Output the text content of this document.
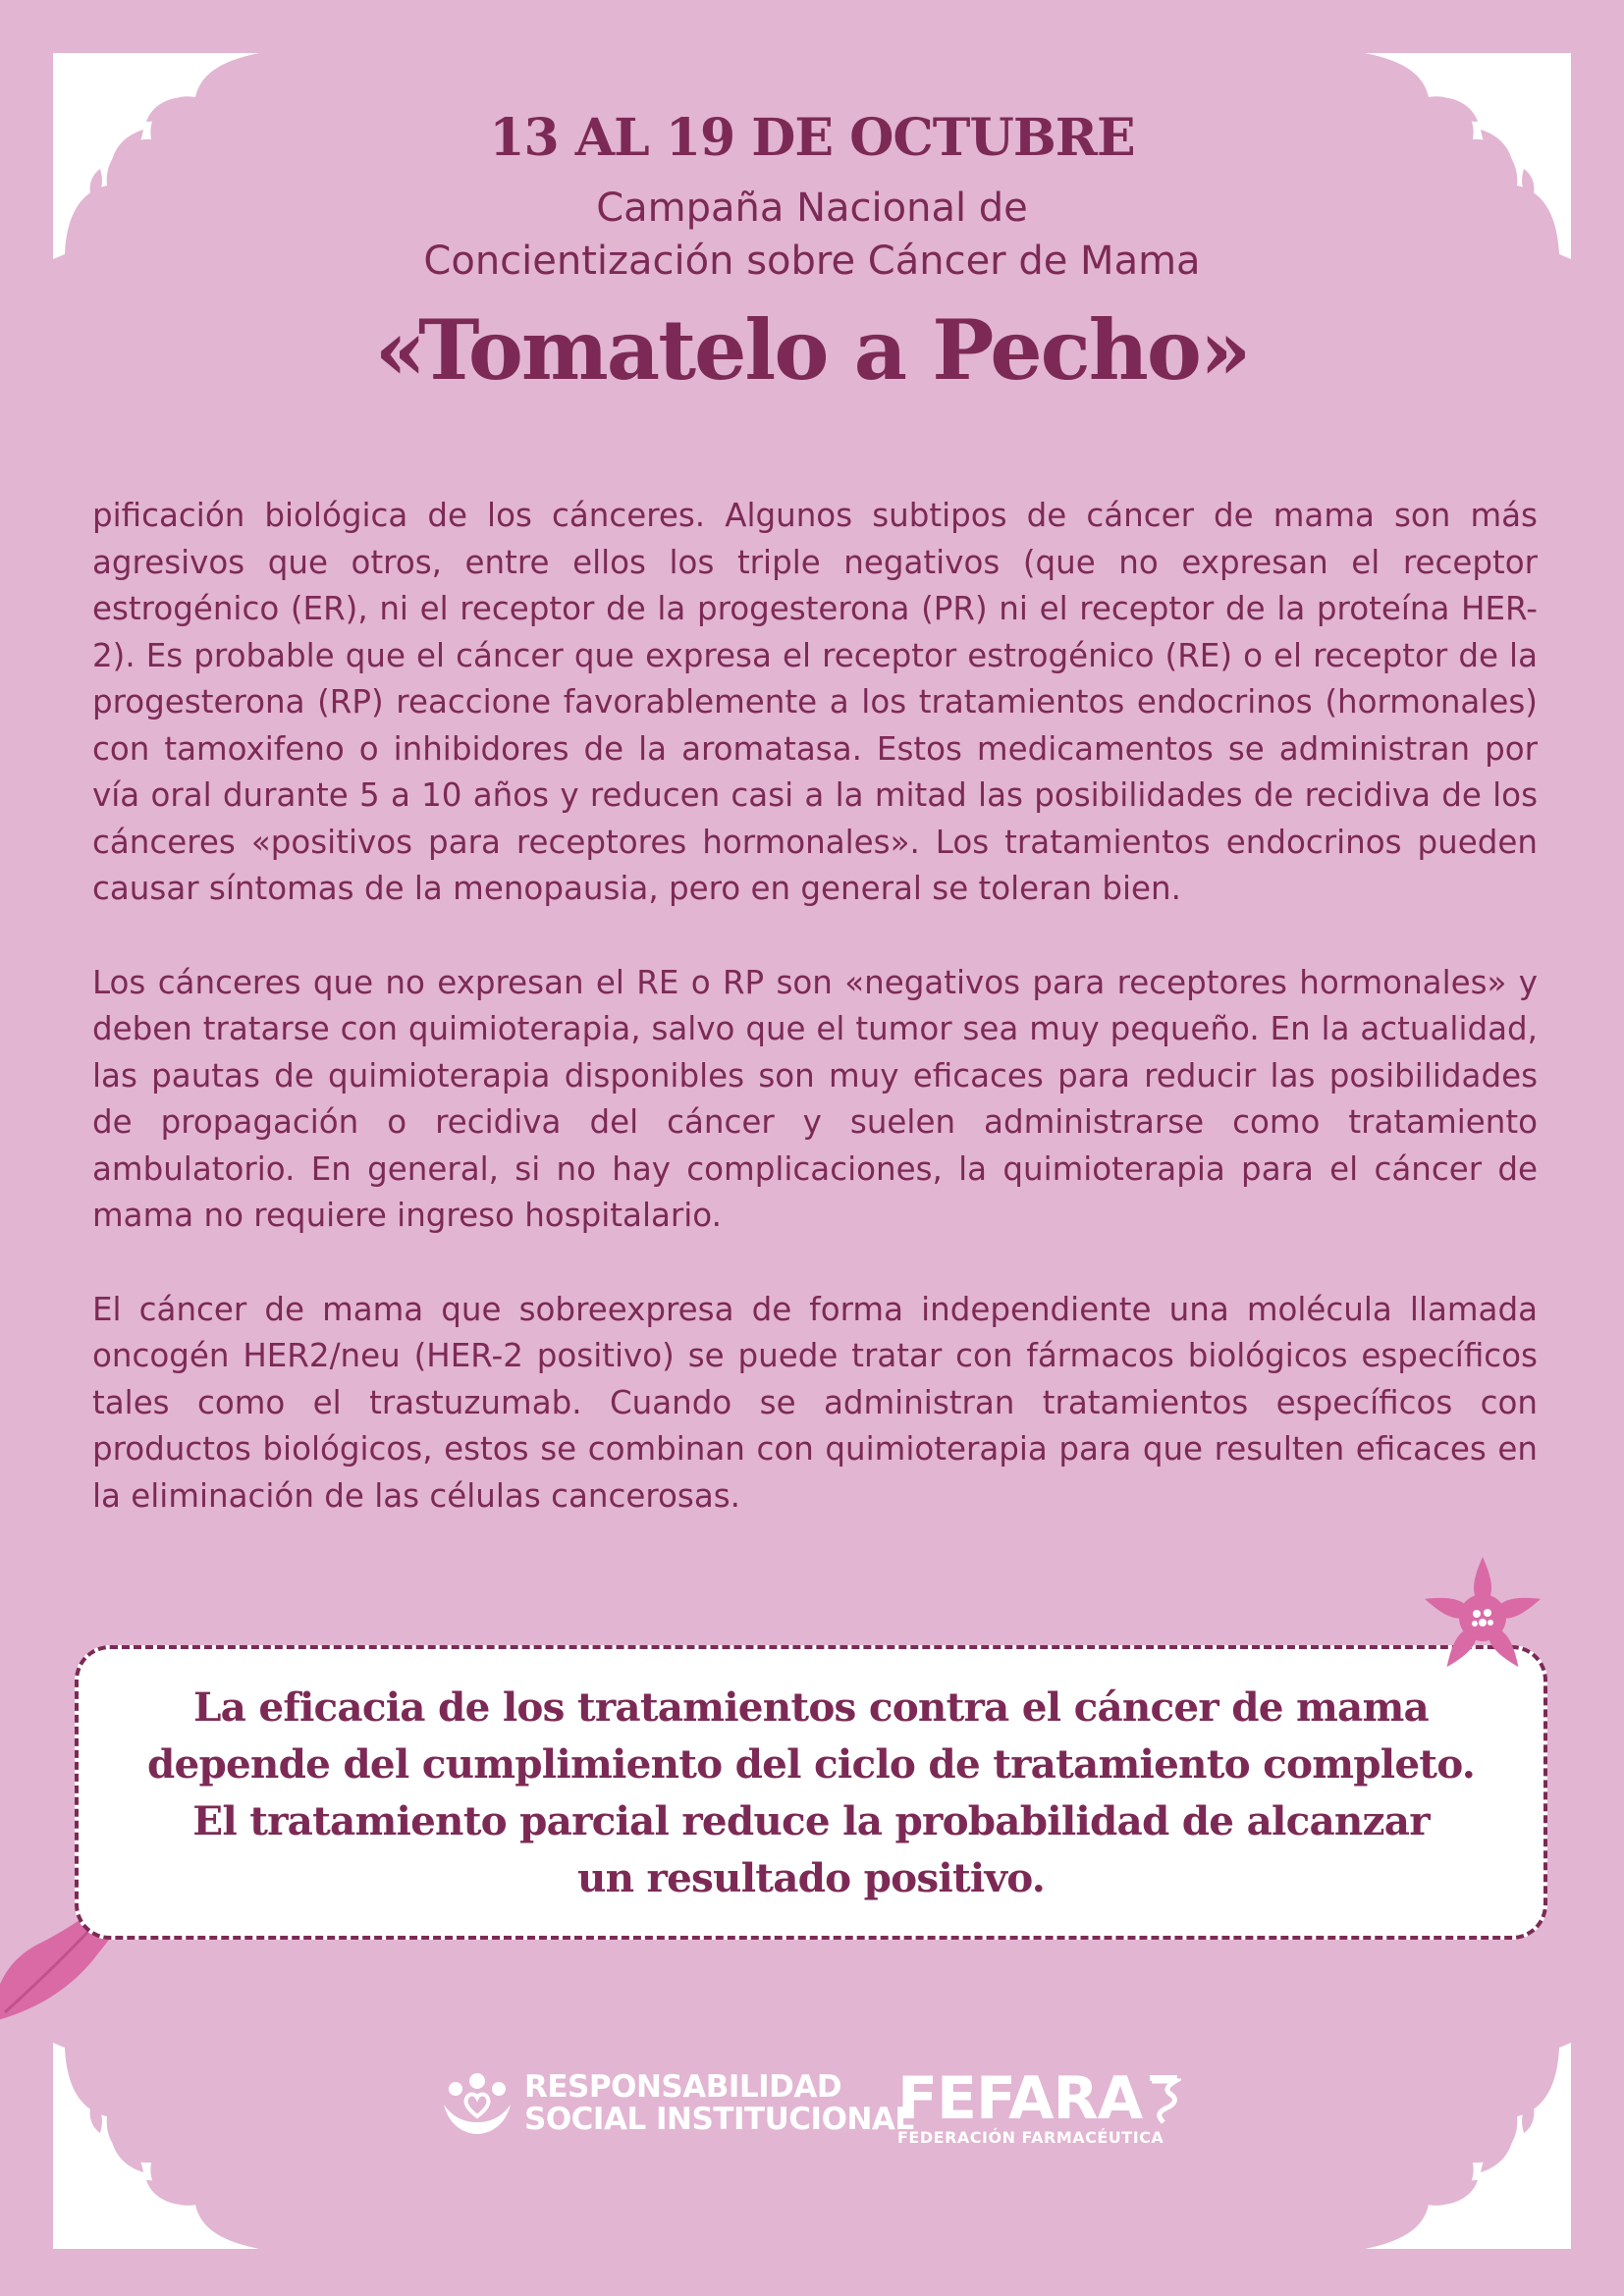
13 AL 19 DE OCTUBRE

Campaña Nacional de
Concientización sobre Cáncer de Mama

«Tomatelo a Pecho»

pificación biológica de los cánceres. Algunos subtipos de cáncer de mama son más agresivos que otros, entre ellos los triple negativos (que no expresan el receptor estrogénico (ER), ni el receptor de la progesterona (PR) ni el receptor de la proteína HER-2). Es probable que el cáncer que expresa el receptor estrogénico (RE) o el receptor de la progesterona (RP) reaccione favorablemente a los tratamientos endocrinos (hormonales) con tamoxifeno o inhibidores de la aromatasa. Estos medicamentos se administran por vía oral durante 5 a 10 años y reducen casi a la mitad las posibilidades de recidiva de los cánceres «positivos para receptores hormonales». Los tratamientos endocrinos pueden causar síntomas de la menopausia, pero en general se toleran bien.

Los cánceres que no expresan el RE o RP son «negativos para receptores hormonales» y deben tratarse con quimioterapia, salvo que el tumor sea muy pequeño. En la actualidad, las pautas de quimioterapia disponibles son muy eficaces para reducir las posibilidades de propagación o recidiva del cáncer y suelen administrarse como tratamiento ambulatorio. En general, si no hay complicaciones, la quimioterapia para el cáncer de mama no requiere ingreso hospitalario.

El cáncer de mama que sobreexpresa de forma independiente una molécula llamada oncogén HER2/neu (HER-2 positivo) se puede tratar con fármacos biológicos específicos tales como el trastuzumab. Cuando se administran tratamientos específicos con productos biológicos, estos se combinan con quimioterapia para que resulten eficaces en la eliminación de las células cancerosas.

La eficacia de los tratamientos contra el cáncer de mama
depende del cumplimiento del ciclo de tratamiento completo.
El tratamiento parcial reduce la probabilidad de alcanzar
un resultado positivo.

RESPONSABILIDAD
SOCIAL INSTITUCIONAL
FEFARA
FEDERACIÓN FARMACÉUTICA
